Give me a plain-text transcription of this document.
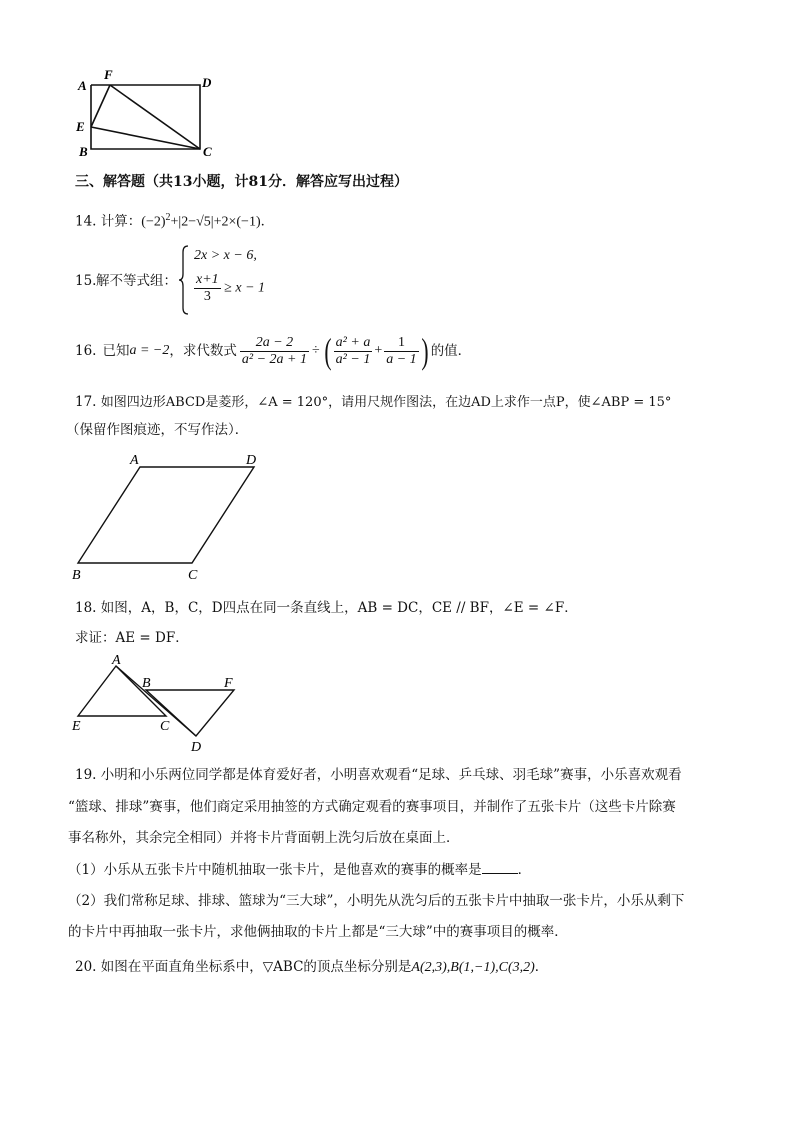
A
F
D
E
B	C
三、解答题（共13小题，计81分．解答应写出过程）
14. 计算：$(-2)^2+|2-√5|+2\times(-1)$．
15. 解不等式组：
2x > x − 6,
$\frac{x+1}{3} \ge x - 1$
16. 已知 a = −2 ，求代数式 $\frac{2a - 2}{\text{a² − 2a + 1}}$ ÷ ( $\frac{\text{a² + a}}{\text{a² − 1}} + \frac{1}{a - 1}$ ) 的值．
17. 如图四边形ABCD是菱形，∠A = 120°，请用尺规作图法，在边AD上求作一点P，使∠ABP = 15°
（保留作图痕迹，不写作法）．
A	D
B	C
18. 如图，A，B，C，D四点在同一条直线上，AB = DC，CE // BF，∠E = ∠F．
求证：AE = DF．
A
B	F
E	C
D
19. 小明和小乐两位同学都是体育爱好者，小明喜欢观看“足球、乒乓球、羽毛球”赛事，小乐喜欢观看
“篮球、排球”赛事，他们商定采用抽签的方式确定观看的赛事项目，并制作了五张卡片（这些卡片除赛
事名称外，其余完全相同）并将卡片背面朝上洗匀后放在桌面上．
（1）小乐从五张卡片中随机抽取一张卡片，是他喜欢的赛事的概率是	．
（2）我们常称足球、排球、篮球为“三大球”，小明先从洗匀后的五张卡片中抽取一张卡片，小乐从剩下
的卡片中再抽取一张卡片，求他俩抽取的卡片上都是“三大球”中的赛事项目的概率．
20. 如图在平面直角坐标系中，▽ABC的顶点坐标分别是A(2,3),B(1,−1),C(3,2)．
